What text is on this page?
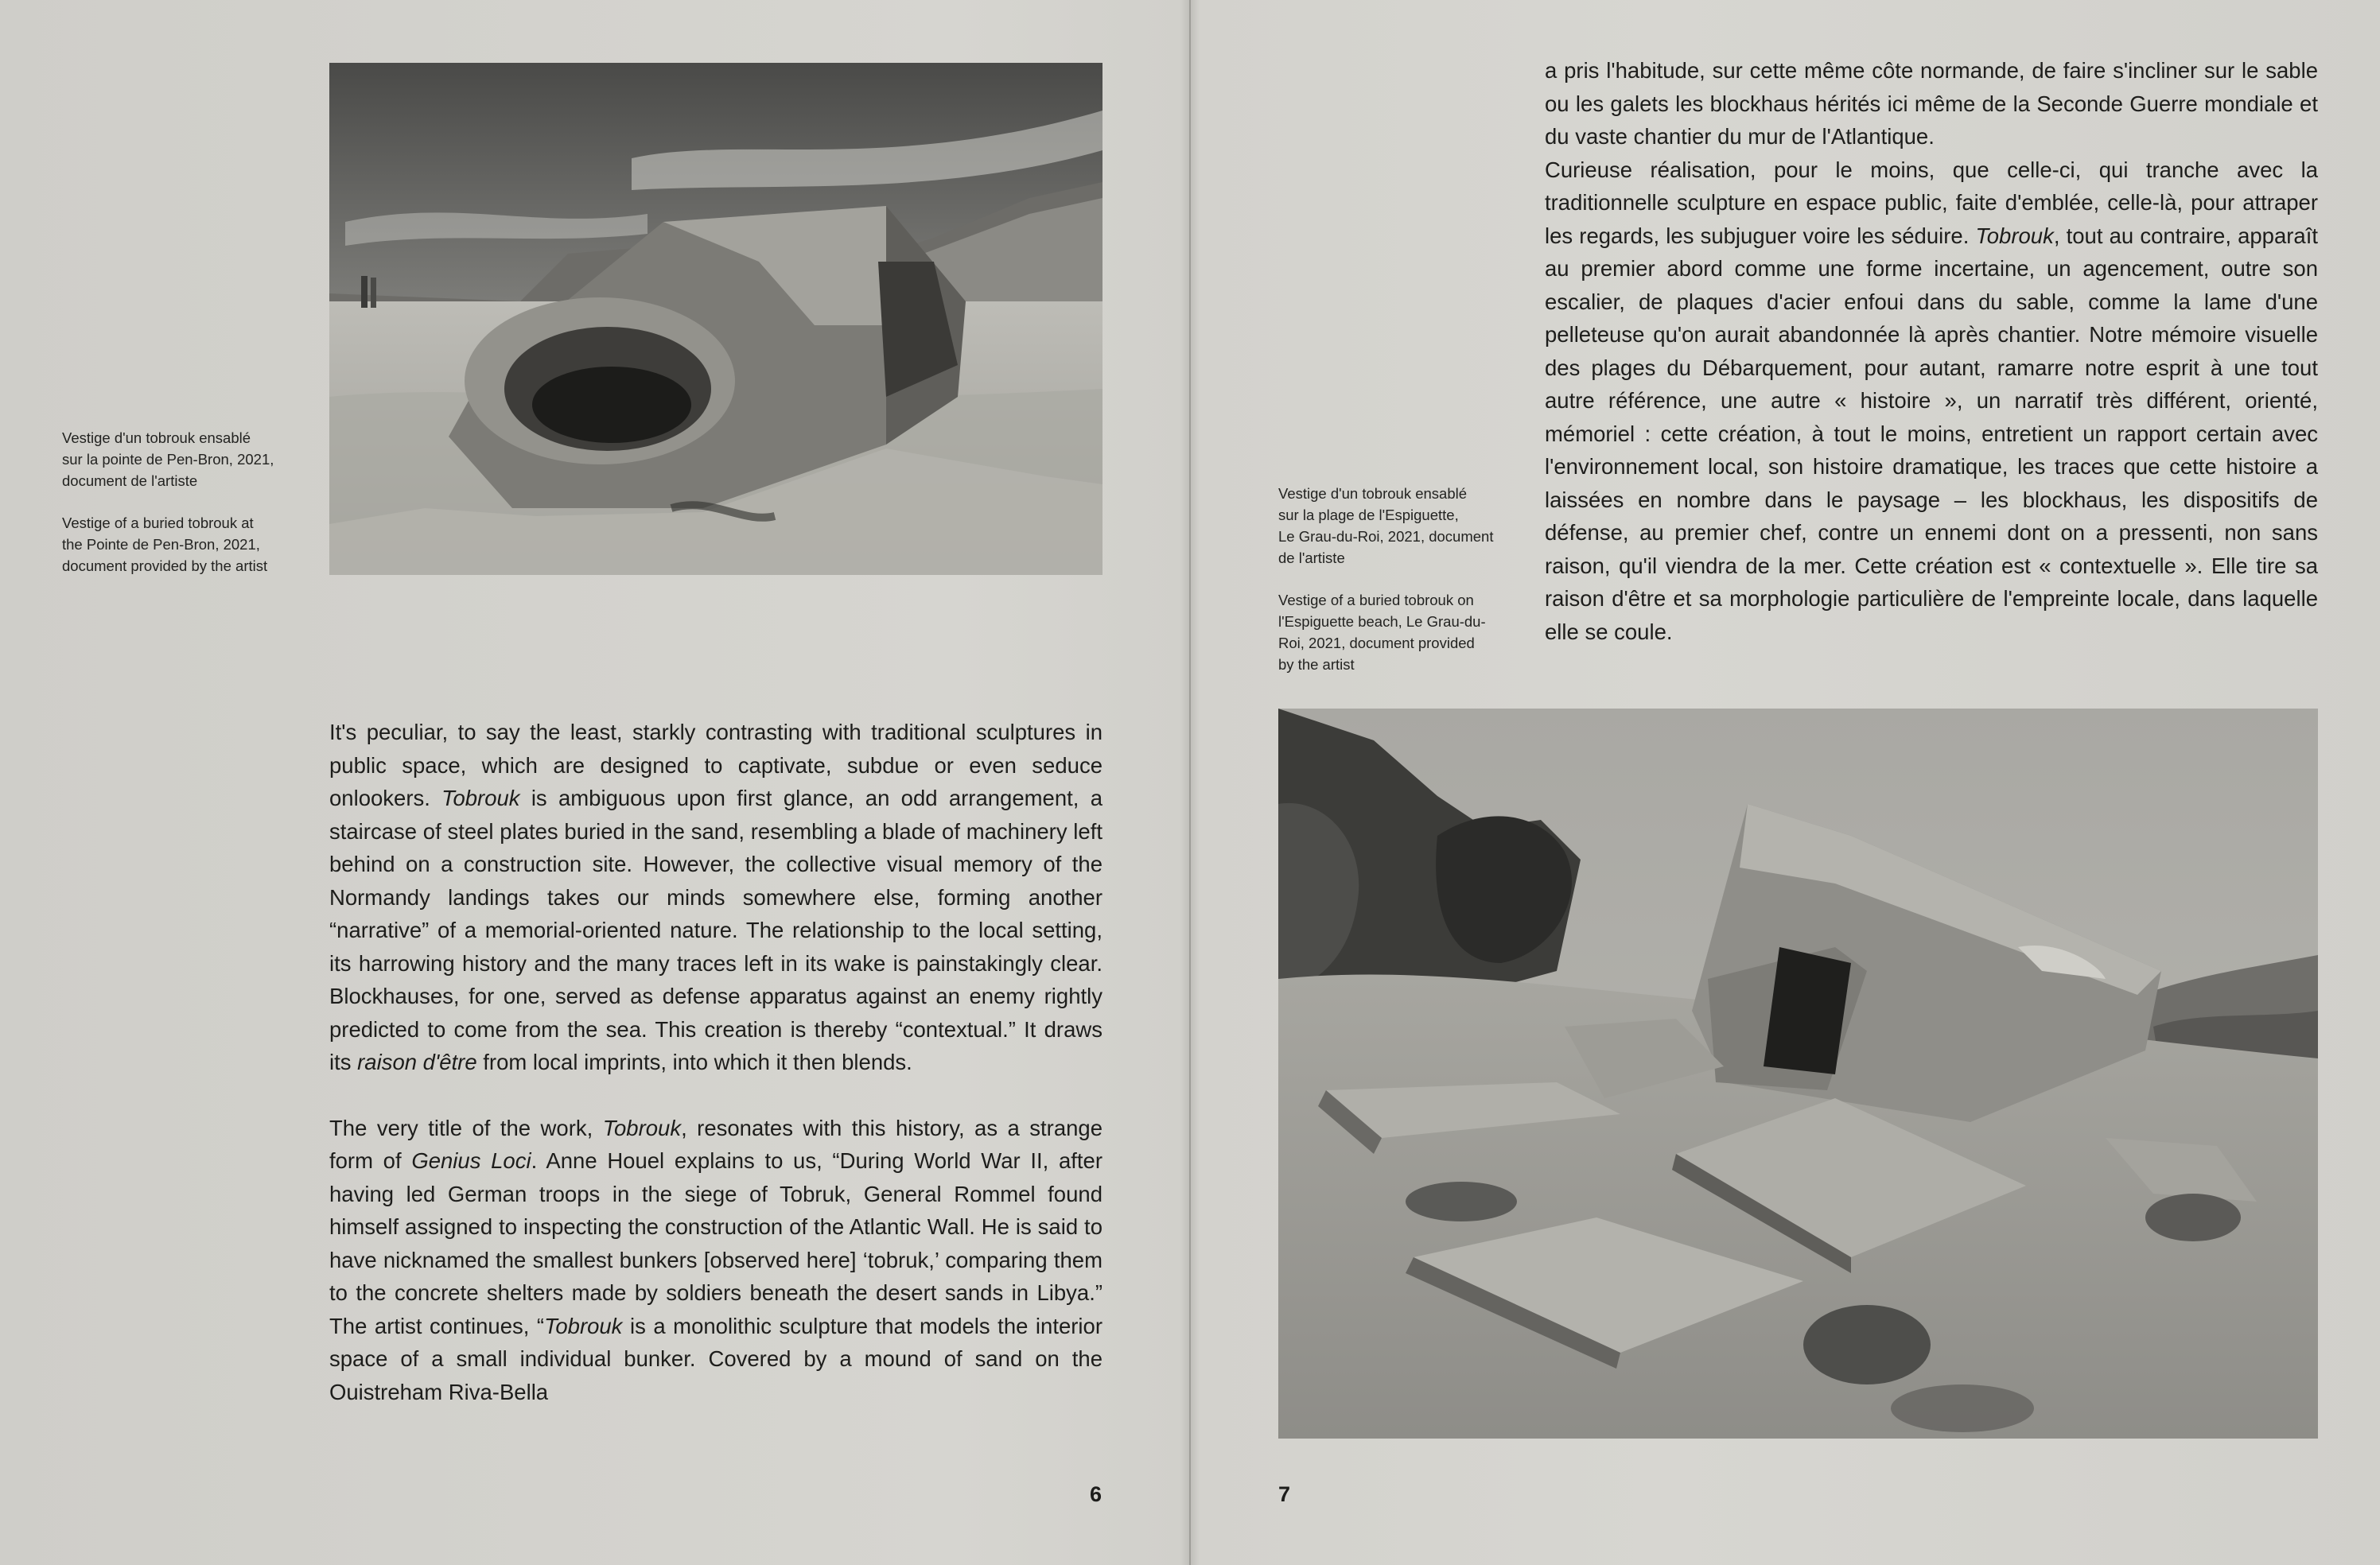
Vestige d'un tobrouk ensablé
sur la pointe de Pen-Bron, 2021,
document de l'artiste

Vestige of a buried tobrouk at
the Pointe de Pen-Bron, 2021,
document provided by the artist

It's peculiar, to say the least, starkly contrasting with traditional sculptures in public space, which are designed to captivate, subdue or even seduce onlookers. Tobrouk is ambiguous upon first glance, an odd arrangement, a staircase of steel plates buried in the sand, resembling a blade of machinery left behind on a construction site. However, the collective visual memory of the Normandy landings takes our minds somewhere else, forming another “narrative” of a memorial-oriented nature. The relationship to the local setting, its harrowing history and the many traces left in its wake is painstakingly clear. Blockhauses, for one, served as defense apparatus against an enemy rightly predicted to come from the sea. This creation is thereby “contextual.” It draws its raison d'être from local imprints, into which it then blends.

The very title of the work, Tobrouk, resonates with this history, as a strange form of Genius Loci. Anne Houel explains to us, “During World War II, after having led German troops in the siege of Tobruk, General Rommel found himself assigned to inspecting the construction of the Atlantic Wall. He is said to have nicknamed the smallest bunkers [observed here] ‘tobruk,’ comparing them to the concrete shelters made by soldiers beneath the desert sands in Libya.” The artist continues, “Tobrouk is a monolithic sculpture that models the interior space of a small individual bunker. Covered by a mound of sand on the Ouistreham Riva-Bella

6

a pris l'habitude, sur cette même côte normande, de faire s'incliner sur le sable ou les galets les blockhaus hérités ici même de la Seconde Guerre mondiale et du vaste chantier du mur de l'Atlantique.

Curieuse réalisation, pour le moins, que celle-ci, qui tranche avec la traditionnelle sculpture en espace public, faite d'emblée, celle-là, pour attraper les regards, les subjuguer voire les séduire. Tobrouk, tout au contraire, apparaît au premier abord comme une forme incertaine, un agencement, outre son escalier, de plaques d'acier enfoui dans du sable, comme la lame d'une pelleteuse qu'on aurait abandonnée là après chantier. Notre mémoire visuelle des plages du Débarquement, pour autant, ramarre notre esprit à une tout autre référence, une autre « histoire », un narratif très différent, orienté, mémoriel : cette création, à tout le moins, entretient un rapport certain avec l'environnement local, son histoire dramatique, les traces que cette histoire a laissées en nombre dans le paysage – les blockhaus, les dispositifs de défense, au premier chef, contre un ennemi dont on a pressenti, non sans raison, qu'il viendra de la mer. Cette création est « contextuelle ». Elle tire sa raison d'être et sa morphologie particulière de l'empreinte locale, dans laquelle elle se coule.

Vestige d'un tobrouk ensablé
sur la plage de l'Espiguette,
Le Grau-du-Roi, 2021, document
de l'artiste

Vestige of a buried tobrouk on
l'Espiguette beach, Le Grau-du-
Roi, 2021, document provided
by the artist

7
